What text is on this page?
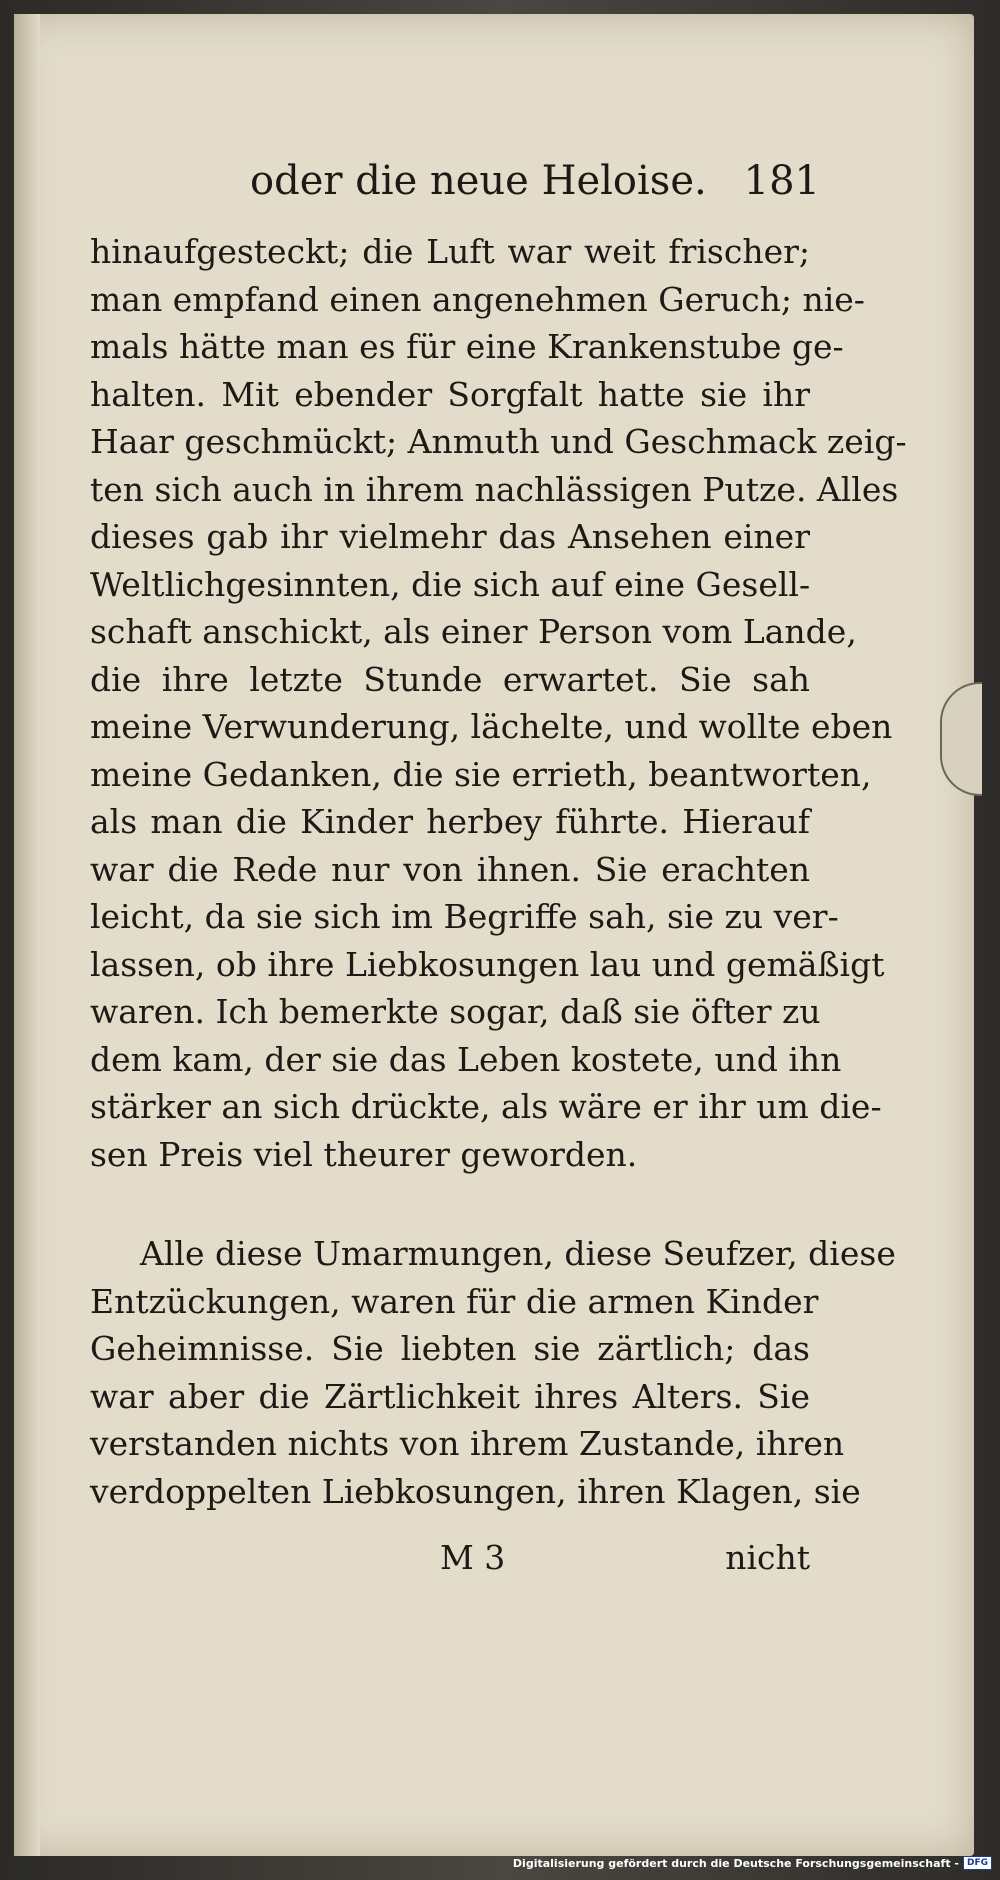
oder die neue Heloise. 181
hinaufgesteckt; die Luft war weit frischer;
man empfand einen angenehmen Geruch; nie-
mals hätte man es für eine Krankenstube ge-
halten. Mit ebender Sorgfalt hatte sie ihr
Haar geschmückt; Anmuth und Geschmack zeig-
ten sich auch in ihrem nachlässigen Putze. Alles
dieses gab ihr vielmehr das Ansehen einer
Weltlichgesinnten, die sich auf eine Gesell-
schaft anschickt, als einer Person vom Lande,
die ihre letzte Stunde erwartet. Sie sah
meine Verwunderung, lächelte, und wollte eben
meine Gedanken, die sie errieth, beantworten,
als man die Kinder herbey führte. Hierauf
war die Rede nur von ihnen. Sie erachten
leicht, da sie sich im Begriffe sah, sie zu ver-
lassen, ob ihre Liebkosungen lau und gemäßigt
waren. Ich bemerkte sogar, daß sie öfter zu
dem kam, der sie das Leben kostete, und ihn
stärker an sich drückte, als wäre er ihr um die-
sen Preis viel theurer geworden.
Alle diese Umarmungen, diese Seufzer, diese
Entzückungen, waren für die armen Kinder
Geheimnisse. Sie liebten sie zärtlich; das
war aber die Zärtlichkeit ihres Alters. Sie
verstanden nichts von ihrem Zustande, ihren
verdoppelten Liebkosungen, ihren Klagen, sie
M 3	nicht
Digitalisierung gefördert durch die Deutsche Forschungsgemeinschaft - DFG
